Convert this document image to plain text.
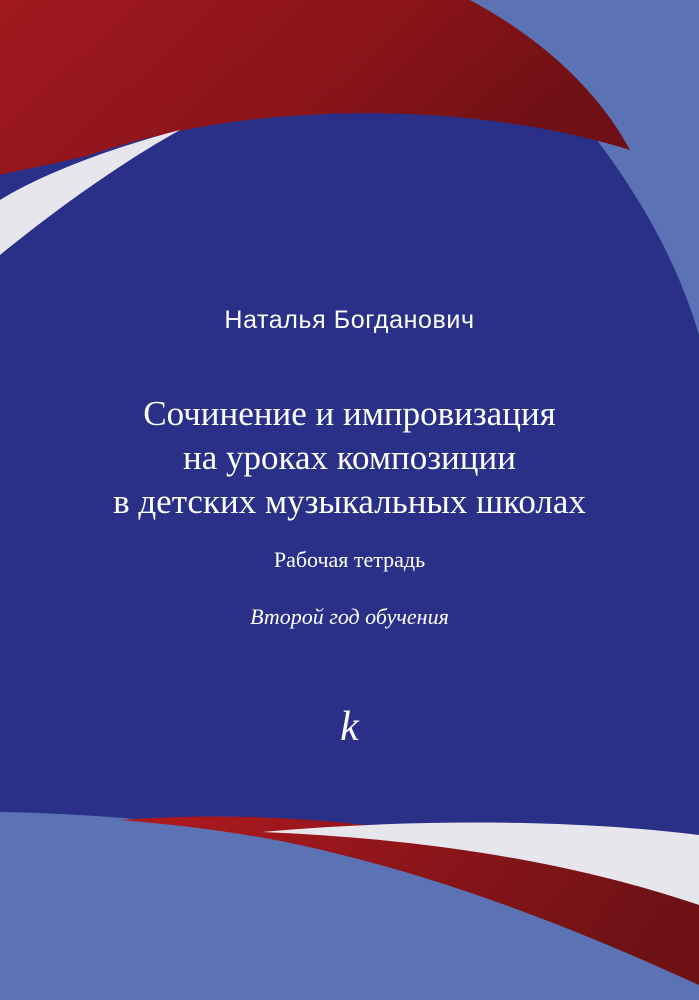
Наталья Богданович
Сочинение и импровизация
на уроках композиции
в детских музыкальных школах
Рабочая тетрадь
Второй год обучения
k
